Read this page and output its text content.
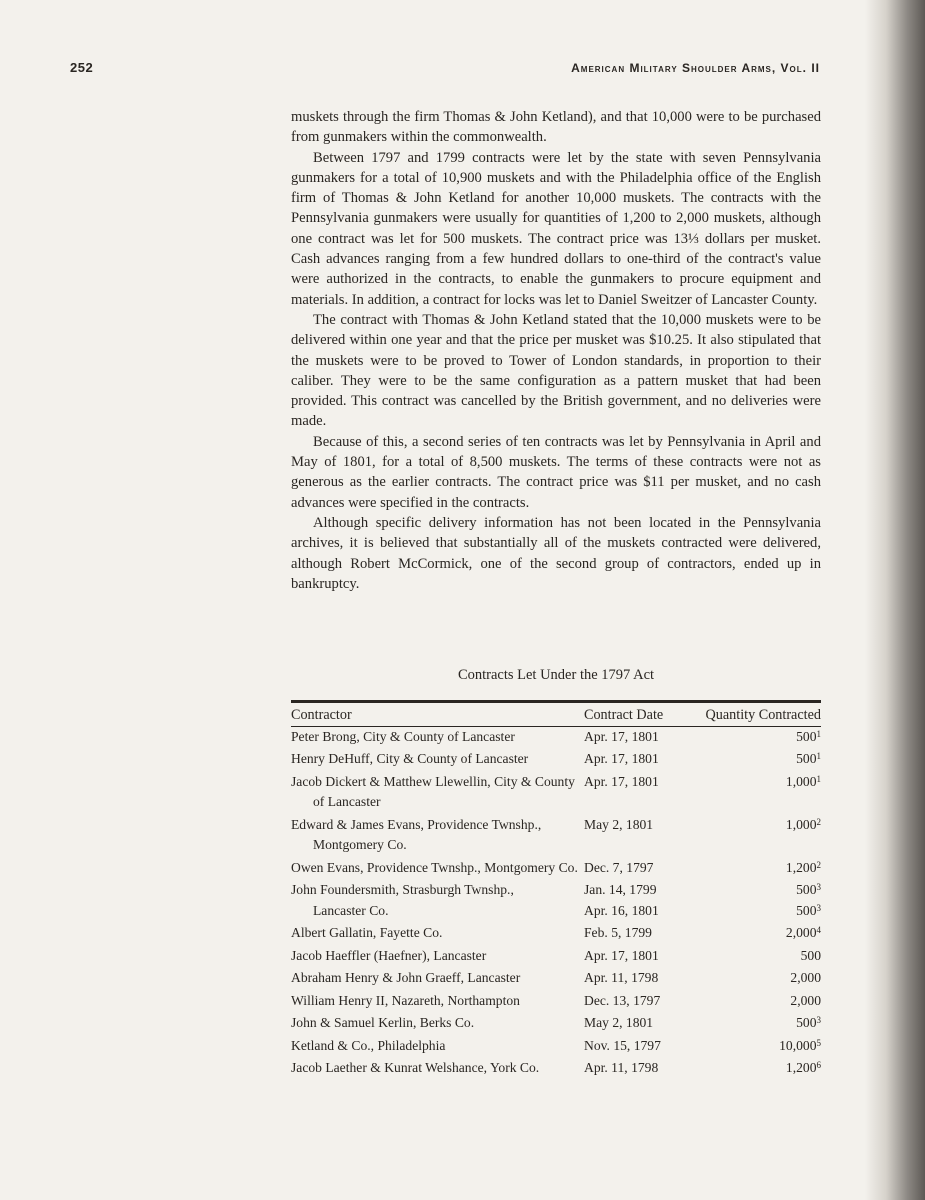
252	American Military Shoulder Arms, Vol. II

muskets through the firm Thomas & John Ketland), and that 10,000 were to be purchased from gunmakers within the commonwealth.

Between 1797 and 1799 contracts were let by the state with seven Pennsylvania gunmakers for a total of 10,900 muskets and with the Philadelphia office of the English firm of Thomas & John Ketland for another 10,000 muskets. The contracts with the Pennsylvania gunmakers were usually for quantities of 1,200 to 2,000 muskets, although one contract was let for 500 muskets. The contract price was 13⅓ dollars per musket. Cash advances ranging from a few hundred dollars to one-third of the contract's value were authorized in the contracts, to enable the gunmakers to procure equipment and materials. In addition, a contract for locks was let to Daniel Sweitzer of Lancaster County.

The contract with Thomas & John Ketland stated that the 10,000 muskets were to be delivered within one year and that the price per musket was $10.25. It also stipulated that the muskets were to be proved to Tower of London standards, in proportion to their caliber. They were to be the same configuration as a pattern musket that had been provided. This contract was cancelled by the British government, and no deliveries were made.

Because of this, a second series of ten contracts was let by Pennsylvania in April and May of 1801, for a total of 8,500 muskets. The terms of these contracts were not as generous as the earlier contracts. The contract price was $11 per musket, and no cash advances were specified in the contracts.

Although specific delivery information has not been located in the Pennsylvania archives, it is believed that substantially all of the muskets contracted were delivered, although Robert McCormick, one of the second group of contractors, ended up in bankruptcy.

Contracts Let Under the 1797 Act
Contractor	Contract Date	Quantity Contracted

Peter Brong, City & County of Lancaster	Apr. 17, 1801	$500^1$

Henry DeHuff, City & County of Lancaster	Apr. 17, 1801	$500^1$

Jacob Dickert & Matthew Llewellin, City & County of Lancaster	Apr. 17, 1801	1,000$^1$

Edward & James Evans, Providence Twnshp., Montgomery Co.	May 2, 1801	1,000$^2$

Owen Evans, Providence Twnshp., Montgomery Co.	Dec. 7, 1797	1,200$^2$

John Foundersmith, Strasburgh Twnshp.,	Jan. 14, 1799	$500^3$

Lancaster Co.	Apr. 16, 1801	$500^3$

Albert Gallatin, Fayette Co.	Feb. 5, 1799	2,000$^4$

Jacob Haeffler (Haefner), Lancaster	Apr. 17, 1801	500

Abraham Henry & John Graeff, Lancaster	Apr. 11, 1798	2,000

William Henry II, Nazareth, Northampton	Dec. 13, 1797	2,000

John & Samuel Kerlin, Berks Co.	May 2, 1801	$500^3$

Ketland & Co., Philadelphia	Nov. 15, 1797	10,000$^5$

Jacob Laether & Kunrat Welshance, York Co.	Apr. 11, 1798	1,200$^6$
